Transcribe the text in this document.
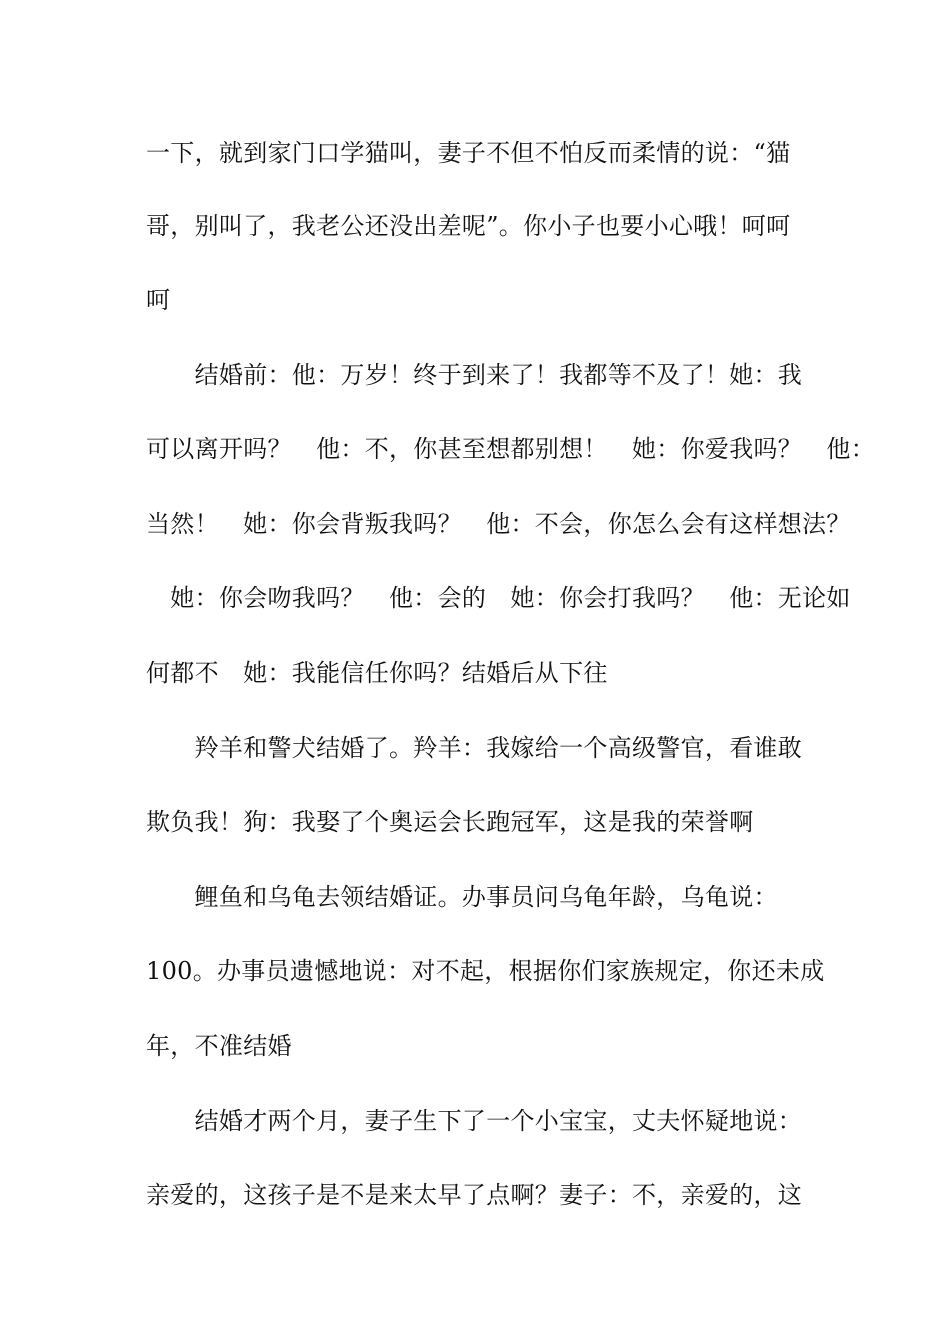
一下，就到家门口学猫叫，妻子不但不怕反而柔情的说：“猫
哥，别叫了，我老公还没出差呢”。你小子也要小心哦！呵呵
呵
　　结婚前：他：万岁！终于到来了！我都等不及了！她：我
可以离开吗？　他：不，你甚至想都别想！　她：你爱我吗？　他：
当然！　她：你会背叛我吗？　他：不会，你怎么会有这样想法？
　她：你会吻我吗？　他：会的　她：你会打我吗？　他：无论如
何都不　她：我能信任你吗？结婚后从下往
　　羚羊和警犬结婚了。羚羊：我嫁给一个高级警官，看谁敢
欺负我！狗：我娶了个奥运会长跑冠军，这是我的荣誉啊
　　鲤鱼和乌龟去领结婚证。办事员问乌龟年龄，乌龟说：
100。办事员遗憾地说：对不起，根据你们家族规定，你还未成
年，不准结婚
　　结婚才两个月，妻子生下了一个小宝宝，丈夫怀疑地说：
亲爱的，这孩子是不是来太早了点啊？妻子：不，亲爱的，这
